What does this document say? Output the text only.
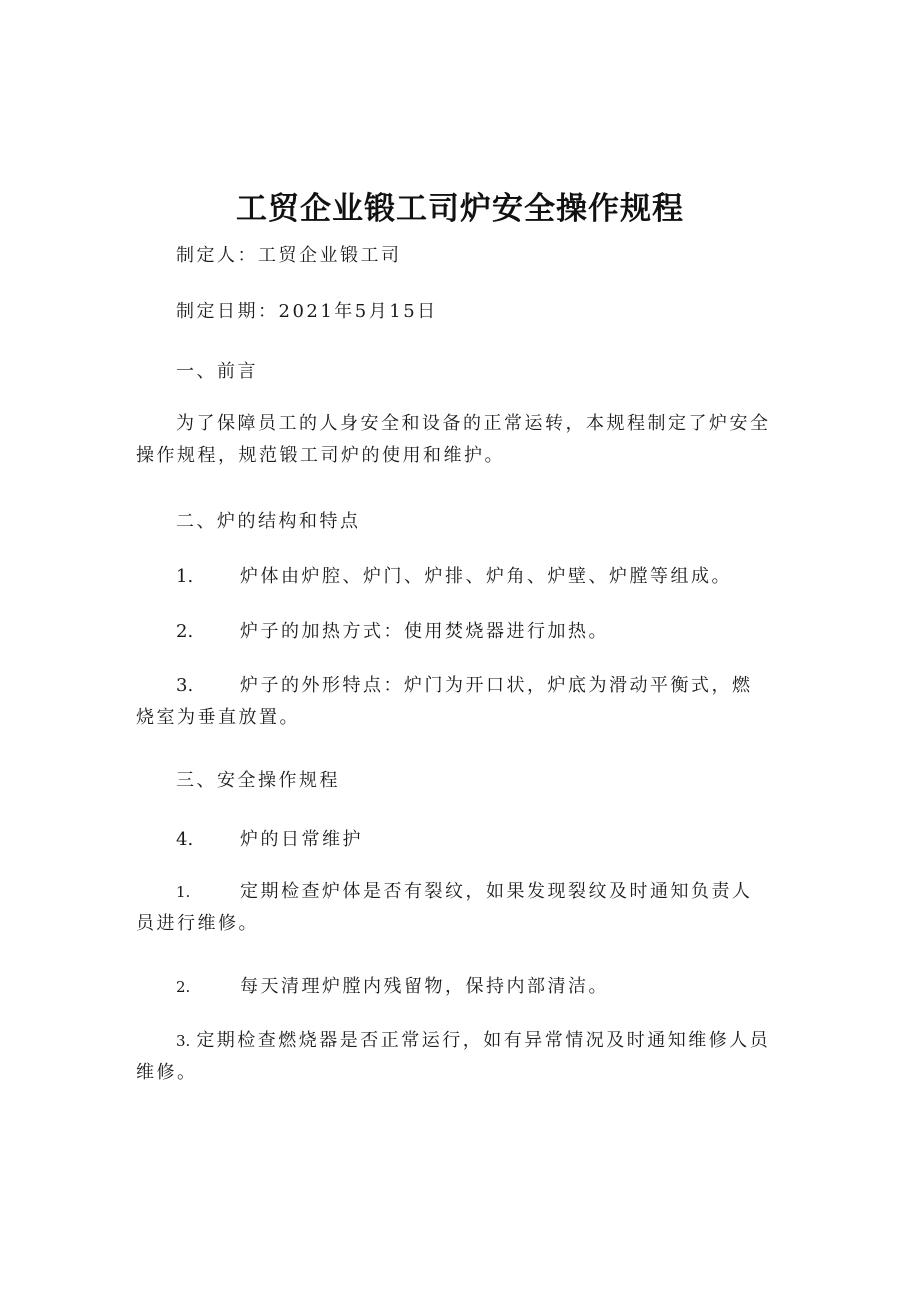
工贸企业锻工司炉安全操作规程
制定人：工贸企业锻工司
制定日期：2021年5月15日
一、前言
为了保障员工的人身安全和设备的正常运转，本规程制定了炉安全操作规程，规范锻工司炉的使用和维护。
二、炉的结构和特点
1.	炉体由炉腔、炉门、炉排、炉角、炉壁、炉膛等组成。
2.	炉子的加热方式：使用焚烧器进行加热。
3.	炉子的外形特点：炉门为开口状，炉底为滑动平衡式，燃
烧室为垂直放置。
三、安全操作规程
4.	炉的日常维护
1.	定期检查炉体是否有裂纹，如果发现裂纹及时通知负责人
员进行维修。
2.	每天清理炉膛内残留物，保持内部清洁。
3. 定期检查燃烧器是否正常运行，如有异常情况及时通知维修人员维修。
